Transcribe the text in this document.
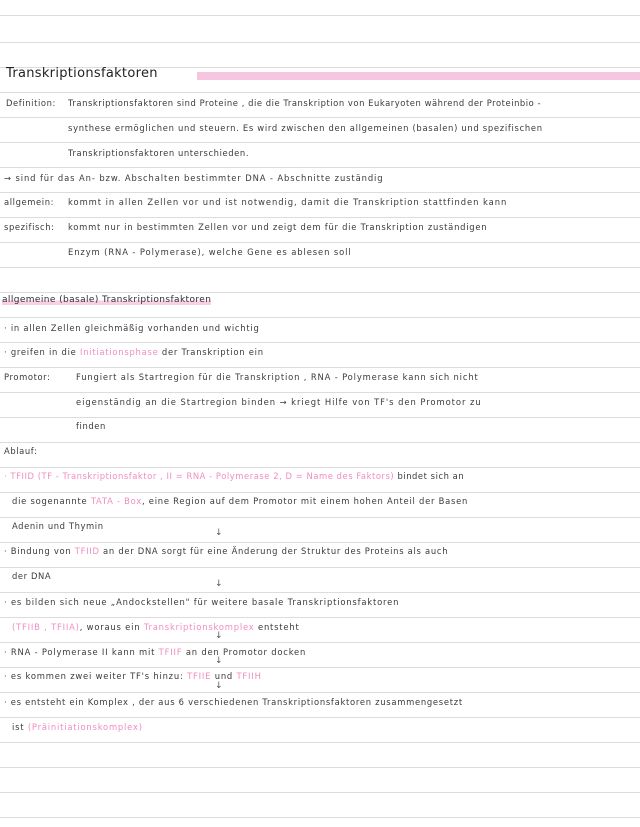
Transkriptionsfaktoren
Definition: Transkriptionsfaktoren sind Proteine , die die Transkription von Eukaryoten während der Proteinbio -
synthese ermöglichen und steuern. Es wird zwischen den allgemeinen (basalen) und spezifischen
Transkriptionsfaktoren unterschieden.
→ sind für das An- bzw. Abschalten bestimmter DNA - Abschnitte zuständig
allgemein: kommt in allen Zellen vor und ist notwendig, damit die Transkription stattfinden kann
spezifisch: kommt nur in bestimmten Zellen vor und zeigt dem für die Transkription zuständigen
Enzym (RNA - Polymerase), welche Gene es ablesen soll
allgemeine (basale) Transkriptionsfaktoren
· in allen Zellen gleichmäßig vorhanden und wichtig
· greifen in die Initiationsphase der Transkription ein
Promotor:	Fungiert als Startregion für die Transkription , RNA - Polymerase kann sich nicht
eigenständig an die Startregion binden → kriegt Hilfe von TF's den Promotor zu
finden
Ablauf:
· TFIID (TF - Transkriptionsfaktor , II = RNA - Polymerase 2, D = Name des Faktors) bindet sich an
die sogenannte TATA - Box, eine Region auf dem Promotor mit einem hohen Anteil der Basen
Adenin und Thymin
↓
· Bindung von TFIID an der DNA sorgt für eine Änderung der Struktur des Proteins als auch
der DNA
↓
· es bilden sich neue „Andockstellen" für weitere basale Transkriptionsfaktoren
(TFIIB , TFIIA), woraus ein Transkriptionskomplex entsteht
↓
· RNA - Polymerase II kann mit TFIIF an den Promotor docken
↓
· es kommen zwei weiter TF's hinzu: TFIIE und TFIIH
↓
· es entsteht ein Komplex , der aus 6 verschiedenen Transkriptionsfaktoren zusammengesetzt
ist (Präinitiationskomplex)
